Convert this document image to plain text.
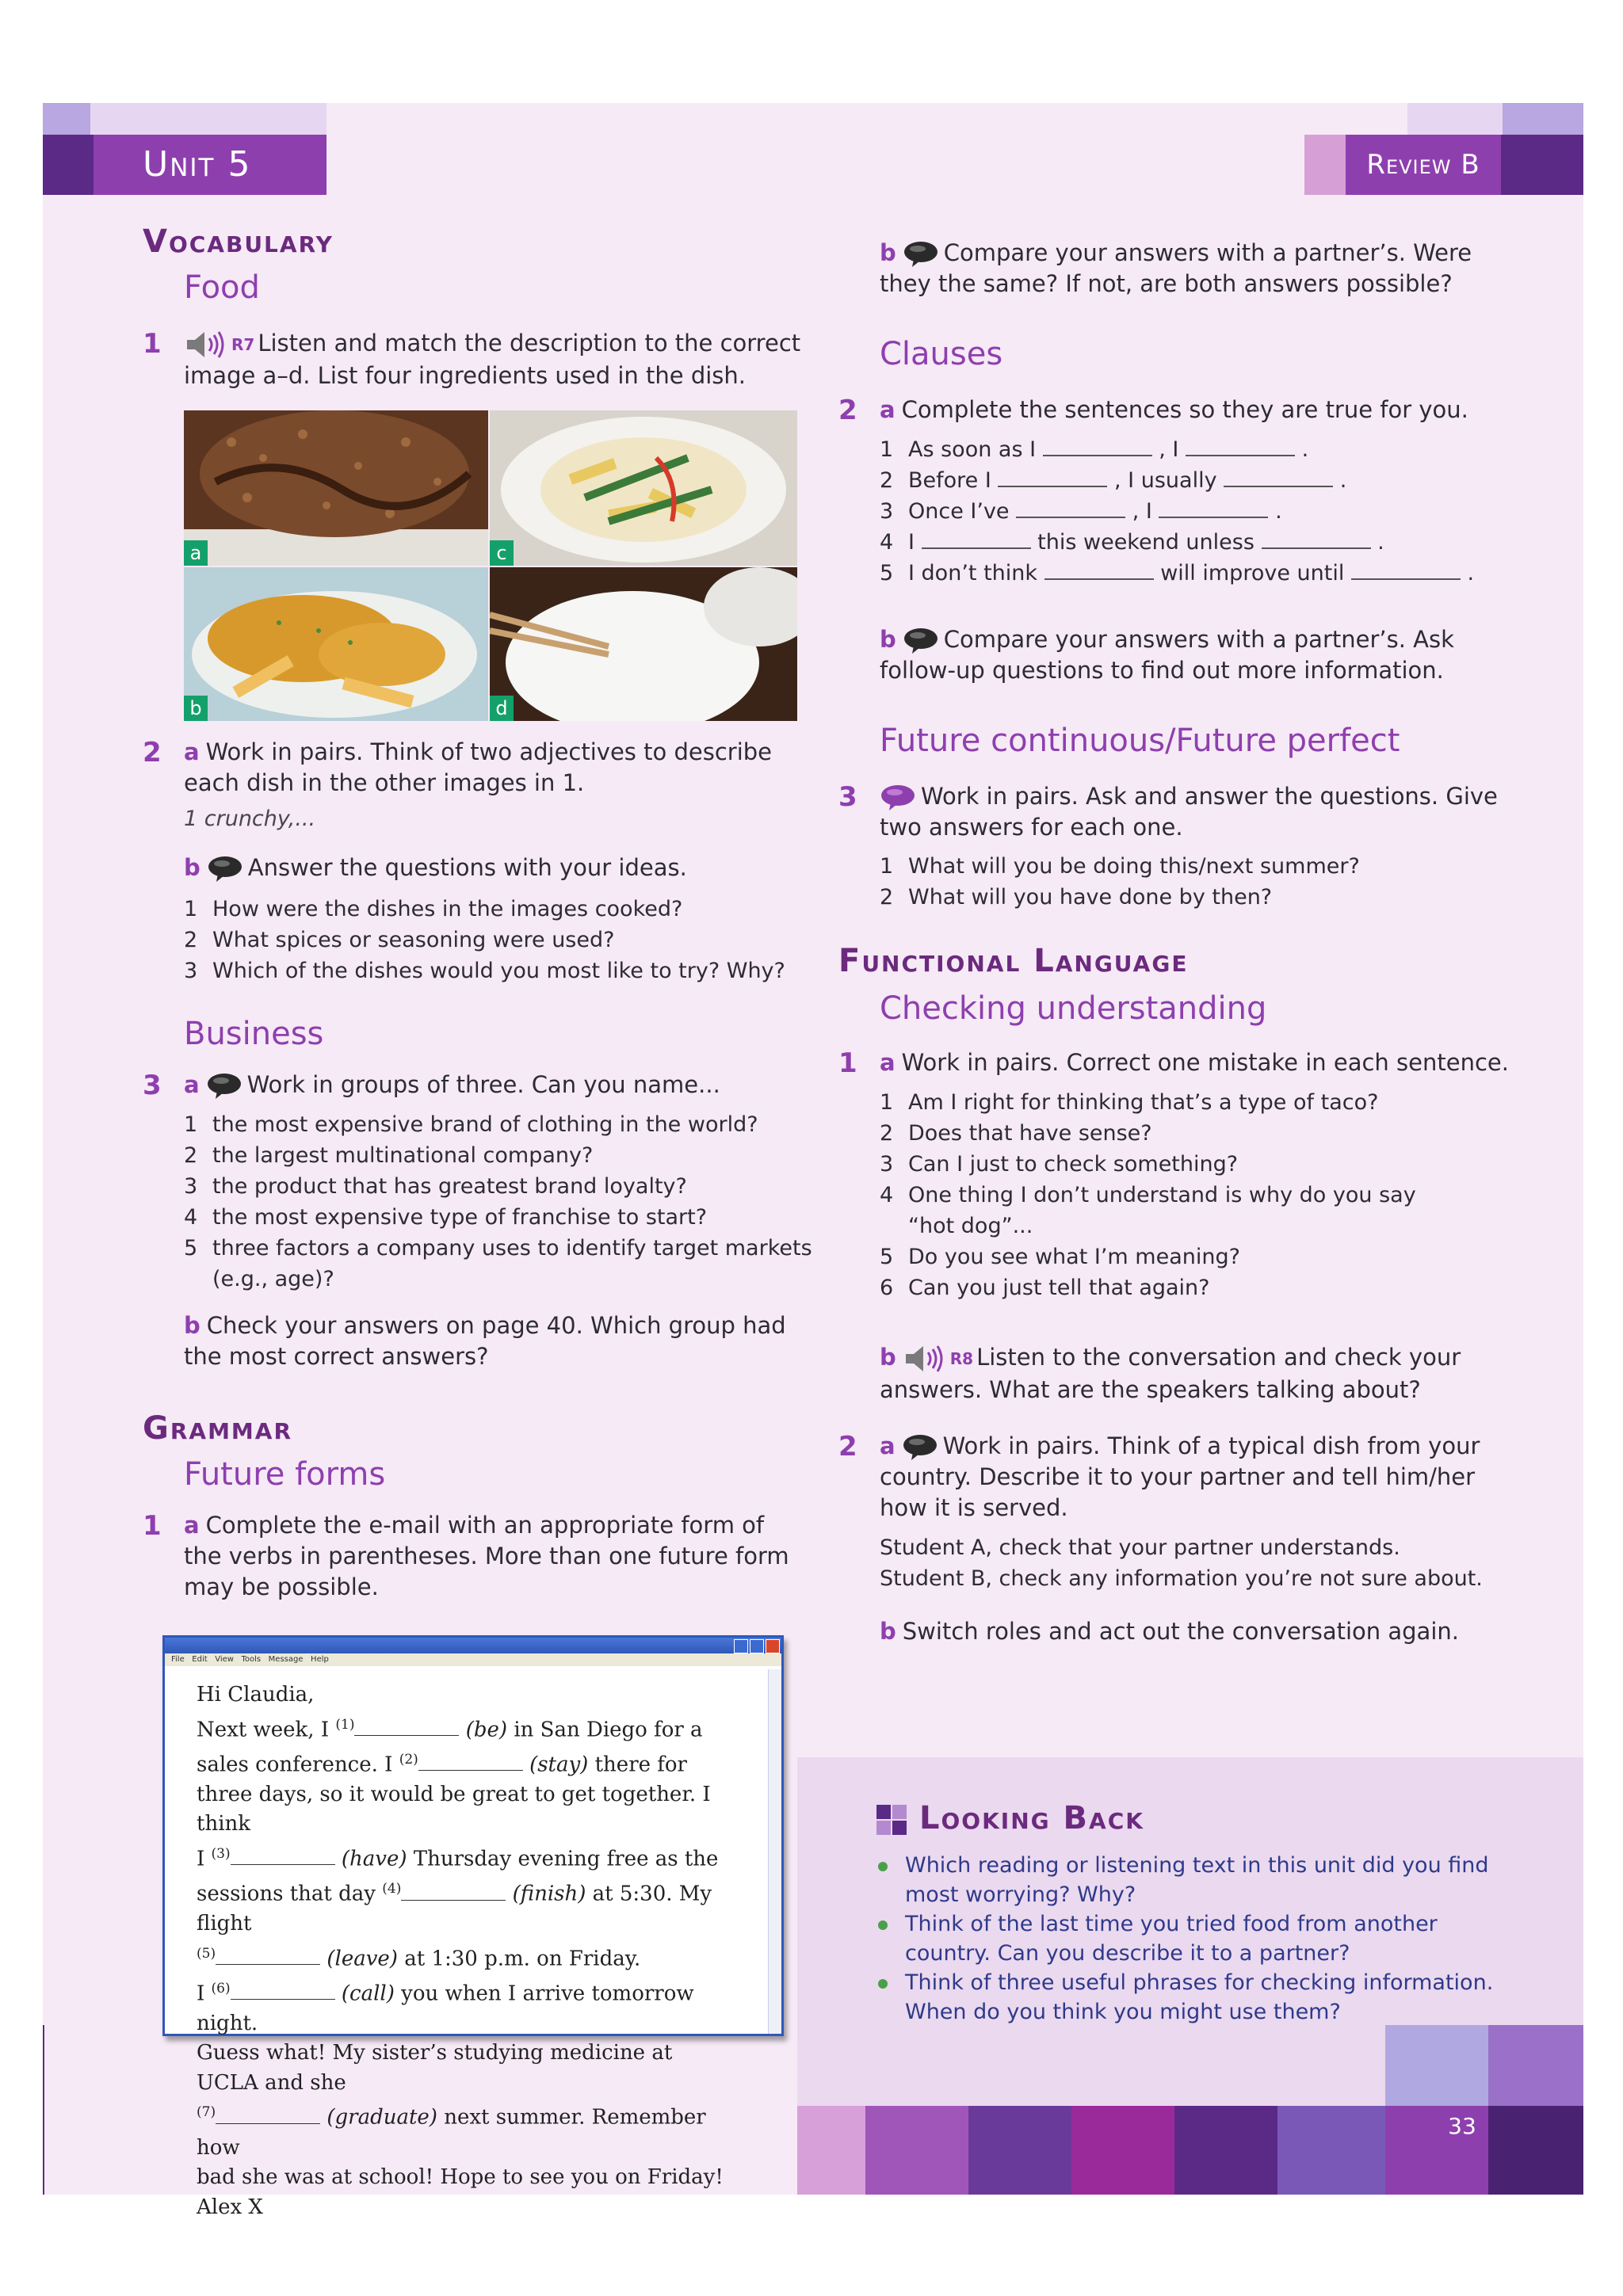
Unit 5	Review B
Vocabulary
Food
1	R7 Listen and match the description to the correct image a–d. List four ingredients used in the dish.
a	c
b	d
2 a Work in pairs. Think of two adjectives to describe each dish in the other images in 1.
1 crunchy,...
b Answer the questions with your ideas.
1 How were the dishes in the images cooked?
2 What spices or seasoning were used?
3 Which of the dishes would you most like to try? Why?
Business
3 a Work in groups of three. Can you name...
1 the most expensive brand of clothing in the world?
2 the largest multinational company?
3 the product that has greatest brand loyalty?
4 the most expensive type of franchise to start?
5 three factors a company uses to identify target markets
(e.g., age)?
b Check your answers on page 40. Which group had the most correct answers?
Grammar
Future forms
1 a Complete the e-mail with an appropriate form of the verbs in parentheses. More than one future form may be possible.
File Edit View Tools Message Help
Hi Claudia,
Next week, I $^{(1)}$	(be) in San Diego for a
sales conference. I $^{(2)}$	(stay) there for
three days, so it would be great to get together. I think
I $^{(3)}$	(have) Thursday evening free as the
sessions that day $^{(4)}$	(finish) at 5:30. My flight
$^{(5)}$	(leave) at 1:30 p.m. on Friday.
I $^{(6)}$	(call) you when I arrive tomorrow night.
Guess what! My sister’s studying medicine at UCLA and she
$^{(7)}$	(graduate) next summer. Remember how
bad she was at school! Hope to see you on Friday! Alex X
b Compare your answers with a partner’s. Were they the same? If not, are both answers possible?
Clauses
2 a Complete the sentences so they are true for you.
1 As soon as I	, I	.
2 Before I	, I usually	.
3 Once I’ve	, I	.
4 I	this weekend unless	.
5 I don’t think	will improve until	.
b Compare your answers with a partner’s. Ask follow-up questions to find out more information.
Future continuous/Future perfect
3	Work in pairs. Ask and answer the questions. Give two answers for each one.
1 What will you be doing this/next summer?
2 What will you have done by then?
Functional Language
Checking understanding
1 a Work in pairs. Correct one mistake in each sentence.
1 Am I right for thinking that’s a type of taco?
2 Does that have sense?
3 Can I just to check something?
4 One thing I don’t understand is why do you say
“hot dog”...
5 Do you see what I’m meaning?
6 Can you just tell that again?
b	R8 Listen to the conversation and check your answers. What are the speakers talking about?
2 a Work in pairs. Think of a typical dish from your country. Describe it to your partner and tell him/her how it is served.
Student A, check that your partner understands.
Student B, check any information you’re not sure about.
b Switch roles and act out the conversation again.
Looking Back
Which reading or listening text in this unit did you find most worrying? Why?
Think of the last time you tried food from another country. Can you describe it to a partner?
Think of three useful phrases for checking information. When do you think you might use them?
33
